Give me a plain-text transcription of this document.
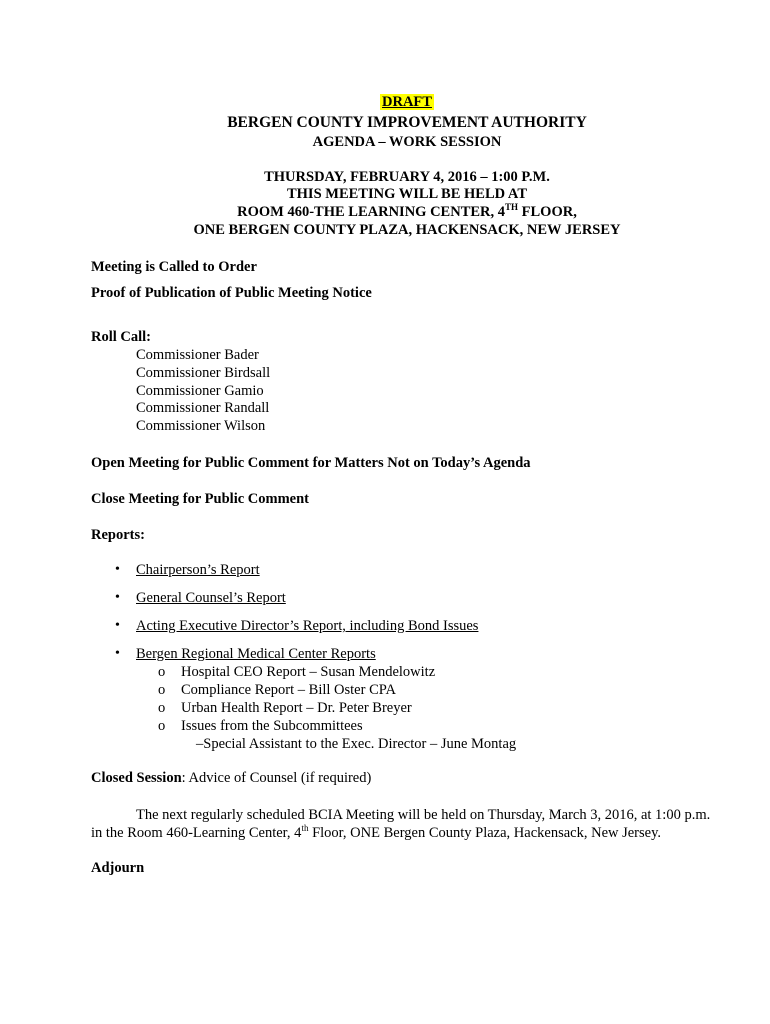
DRAFT
BERGEN COUNTY IMPROVEMENT AUTHORITY
AGENDA – WORK SESSION
THURSDAY, FEBRUARY 4, 2016 – 1:00 P.M.
THIS MEETING WILL BE HELD AT
ROOM 460-THE LEARNING CENTER, 4TH FLOOR,
ONE BERGEN COUNTY PLAZA, HACKENSACK, NEW JERSEY
Meeting is Called to Order
Proof of Publication of Public Meeting Notice
Roll Call:
Commissioner Bader
Commissioner Birdsall
Commissioner Gamio
Commissioner Randall
Commissioner Wilson
Open Meeting for Public Comment for Matters Not on Today’s Agenda
Close Meeting for Public Comment
Reports:
• Chairperson’s Report
• General Counsel’s Report
• Acting Executive Director’s Report, including Bond Issues
• Bergen Regional Medical Center Reports
o Hospital CEO Report – Susan Mendelowitz
o Compliance Report – Bill Oster CPA
o Urban Health Report – Dr. Peter Breyer
o Issues from the Subcommittees
–Special Assistant to the Exec. Director – June Montag
Closed Session: Advice of Counsel (if required)
The next regularly scheduled BCIA Meeting will be held on Thursday, March 3, 2016, at 1:00 p.m.
in the Room 460-Learning Center, 4th Floor, ONE Bergen County Plaza, Hackensack, New Jersey.
Adjourn
